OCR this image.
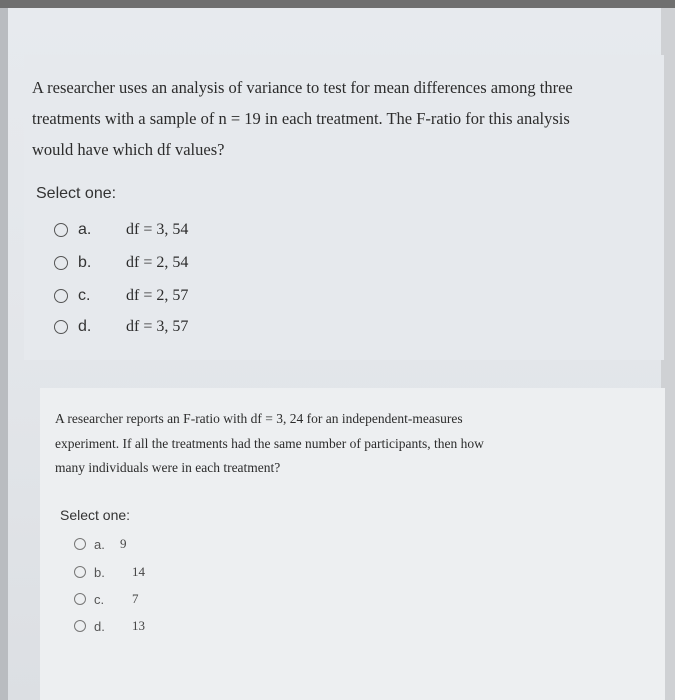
A researcher uses an analysis of variance to test for mean differences among three
treatments with a sample of n = 19 in each treatment. The F-ratio for this analysis
would have which df values?
Select one:
a.	df = 3, 54
b.	df = 2, 54
c.	df = 2, 57
d.	df = 3, 57
A researcher reports an F-ratio with df = 3, 24 for an independent-measures
experiment. If all the treatments had the same number of participants, then how
many individuals were in each treatment?
Select one:
a.	9
b.	14
c.	7
d.	13
